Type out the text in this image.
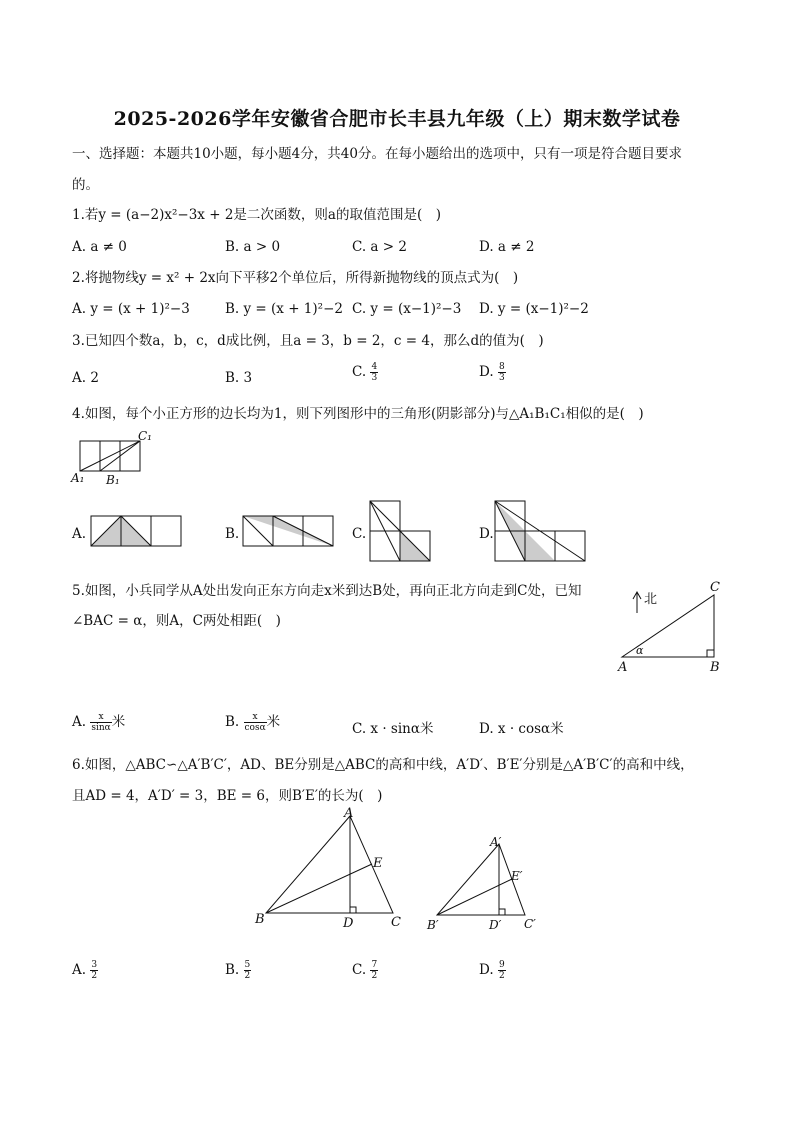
2025-2026学年安徽省合肥市长丰县九年级（上）期末数学试卷
一、选择题：本题共10小题，每小题4分，共40分。在每小题给出的选项中，只有一项是符合题目要求
的。
1.若y = (a−2)x²−3x + 2是二次函数，则a的取值范围是(　)
A. a ≠ 0	B. a > 0	C. a > 2	D. a ≠ 2
2.将抛物线y = x² + 2x向下平移2个单位后，所得新抛物线的顶点式为(　)
A. y = (x + 1)²−3	B. y = (x + 1)²−2 C. y = (x−1)²−3 D. y = (x−1)²−2
3.已知四个数a，b，c，d成比例，且a = 3，b = 2，c = 4，那么d的值为(　)
A. 2	B. 3	C. $\frac{4}{3}$	D. $\frac{8}{3}$
4.如图，每个小正方形的边长均为1，则下列图形中的三角形(阴影部分)与△A₁B₁C₁相似的是(　)
C₁
A₁ B₁
A.	B.	C.	D.
5.如图，小兵同学从A处出发向正东方向走x米到达B处，再向正北方向走到C处，已知
∠BAC = α，则A，C两处相距(　)
北
C
A	B
α
A. $\frac{x}{\sin\alpha}$ 米	B. $\frac{x}{\cos\alpha}$ 米	C. x · sinα米	D. x · cosα米
6.如图，△ABC∽△A′B′C′，AD、BE分别是△ABC的高和中线，A′D′、B′E′分别是△A′B′C′的高和中线，
且AD = 4，A′D′ = 3，BE = 6，则B′E′的长为(　)
A
B	C
D
E
A′
B′	C′
D′
E′
A. $\frac{3}{2}$	B. $\frac{5}{2}$	C. $\frac{7}{2}$	D. $\frac{9}{2}$
